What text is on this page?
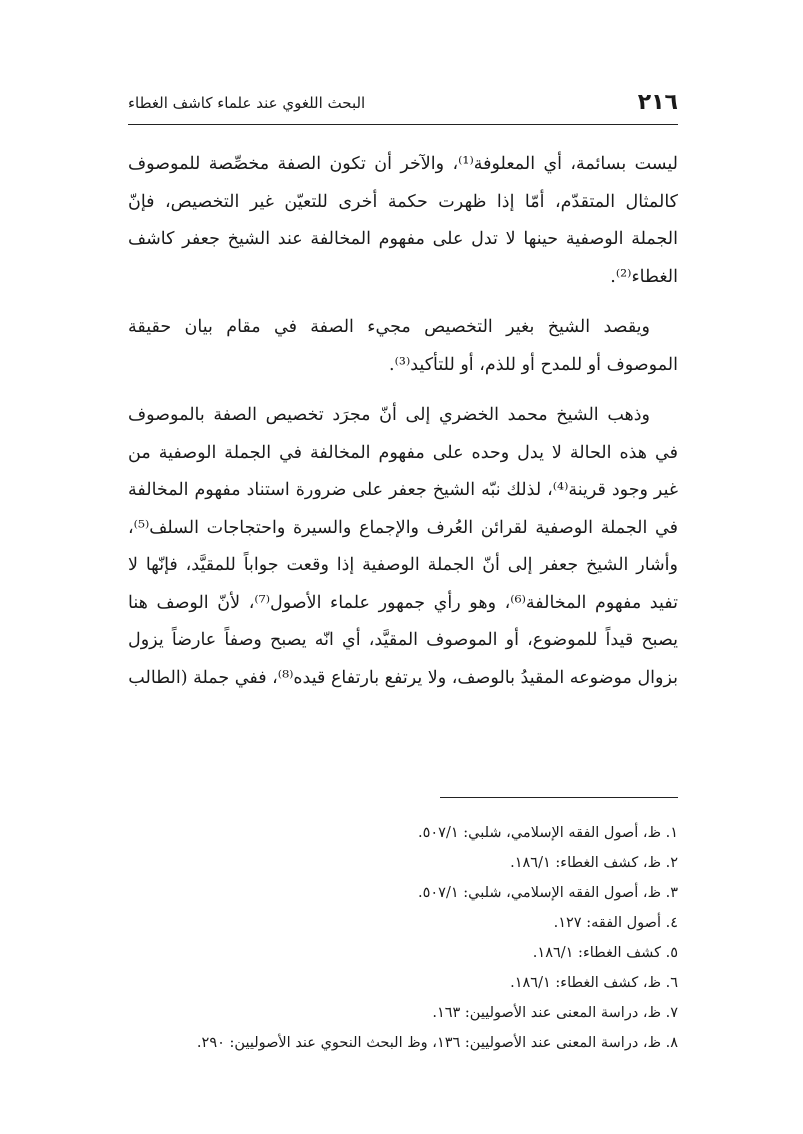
٢١٦
البحث اللغوي عند علماء كاشف الغطاء

ليست بسائمة، أي المعلوفة⁽¹⁾، والآخر أن تكون الصفة مخصِّصة للموصوف كالمثال المتقدّم، أمّا إذا ظهرت حكمة أخرى للتعيّن غير التخصيص، فإنّ الجملة الوصفية حينها لا تدل على مفهوم المخالفة عند الشيخ جعفر كاشف الغطاء⁽²⁾.

ويقصد الشيخ بغير التخصيص مجيء الصفة في مقام بيان حقيقة الموصوف أو للمدح أو للذم، أو للتأكيد⁽³⁾.

وذهب الشيخ محمد الخضري إلى أنّ مجرَد تخصيص الصفة بالموصوف في هذه الحالة لا يدل وحده على مفهوم المخالفة في الجملة الوصفية من غير وجود قرينة⁽⁴⁾، لذلك نبّه الشيخ جعفر على ضرورة استناد مفهوم المخالفة في الجملة الوصفية لقرائن العُرف والإجماع والسيرة واحتجاجات السلف⁽⁵⁾، وأشار الشيخ جعفر إلى أنّ الجملة الوصفية إذا وقعت جواباً للمقيَّد، فإنّها لا تفيد مفهوم المخالفة⁽⁶⁾، وهو رأي جمهور علماء الأصول⁽⁷⁾، لأنّ الوصف هنا يصبح قيداً للموضوع، أو الموصوف المقيَّد، أي انّه يصبح وصفاً عارضاً يزول بزوال موضوعه المقيدُ بالوصف، ولا يرتفع بارتفاع قيده⁽⁸⁾، ففي جملة (الطالب

١. ظ، أصول الفقه الإسلامي، شلبي: ٥٠٧/١.
٢. ظ، كشف الغطاء: ١٨٦/١.
٣. ظ، أصول الفقه الإسلامي، شلبي: ٥٠٧/١.
٤. أصول الفقه: ١٢٧.
٥. كشف الغطاء: ١٨٦/١.
٦. ظ، كشف الغطاء: ١٨٦/١.
٧. ظ، دراسة المعنى عند الأصوليين: ١٦٣.
٨. ظ، دراسة المعنى عند الأصوليين: ١٣٦، وظ البحث النحوي عند الأصوليين: ٢٩٠.
